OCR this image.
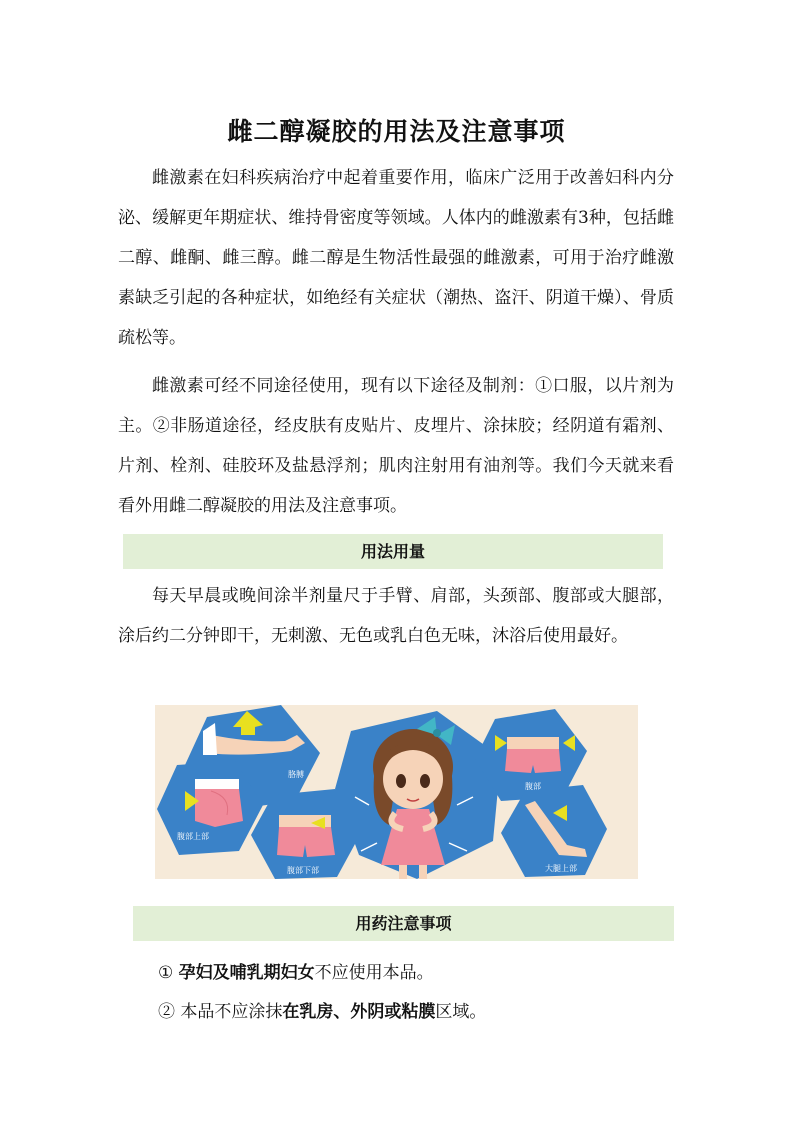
雌二醇凝胶的用法及注意事项

雌激素在妇科疾病治疗中起着重要作用，临床广泛用于改善妇科内分泌、缓解更年期症状、维持骨密度等领域。人体内的雌激素有3种，包括雌二醇、雌酮、雌三醇。雌二醇是生物活性最强的雌激素，可用于治疗雌激素缺乏引起的各种症状，如绝经有关症状（潮热、盗汗、阴道干燥）、骨质疏松等。

雌激素可经不同途径使用，现有以下途径及制剂：①口服，以片剂为主。②非肠道途径，经皮肤有皮贴片、皮埋片、涂抹胶；经阴道有霜剂、片剂、栓剂、硅胶环及盐悬浮剂；肌肉注射用有油剂等。我们今天就来看看外用雌二醇凝胶的用法及注意事项。

用法用量

每天早晨或晚间涂半剂量尺于手臂、肩部，头颈部、腹部或大腿部，涂后约二分钟即干，无刺激、无色或乳白色无味，沐浴后使用最好。

胳膊
腹部上部
腹部下部
腹部
大腿上部
用药注意事项

① 孕妇及哺乳期妇女不应使用本品。

② 本品不应涂抹在乳房、外阴或粘膜区域。
